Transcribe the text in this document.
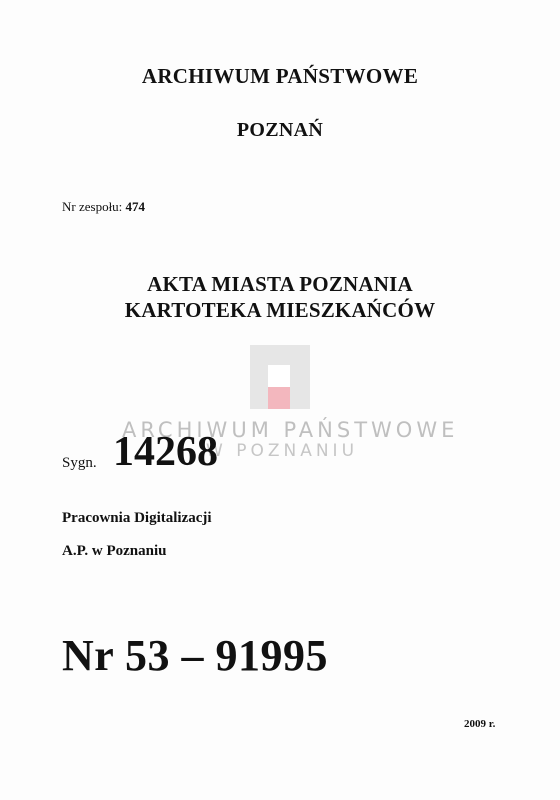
ARCHIWUM PAŃSTWOWE
POZNAŃ
Nr zespołu: 474
AKTA MIASTA POZNANIA
KARTOTEKA MIESZKAŃCÓW
ARCHIWUM PAŃSTWOWE
W POZNANIU
Sygn. 14268
Pracownia Digitalizacji
A.P. w Poznaniu
Nr 53 – 91995
2009 r.
